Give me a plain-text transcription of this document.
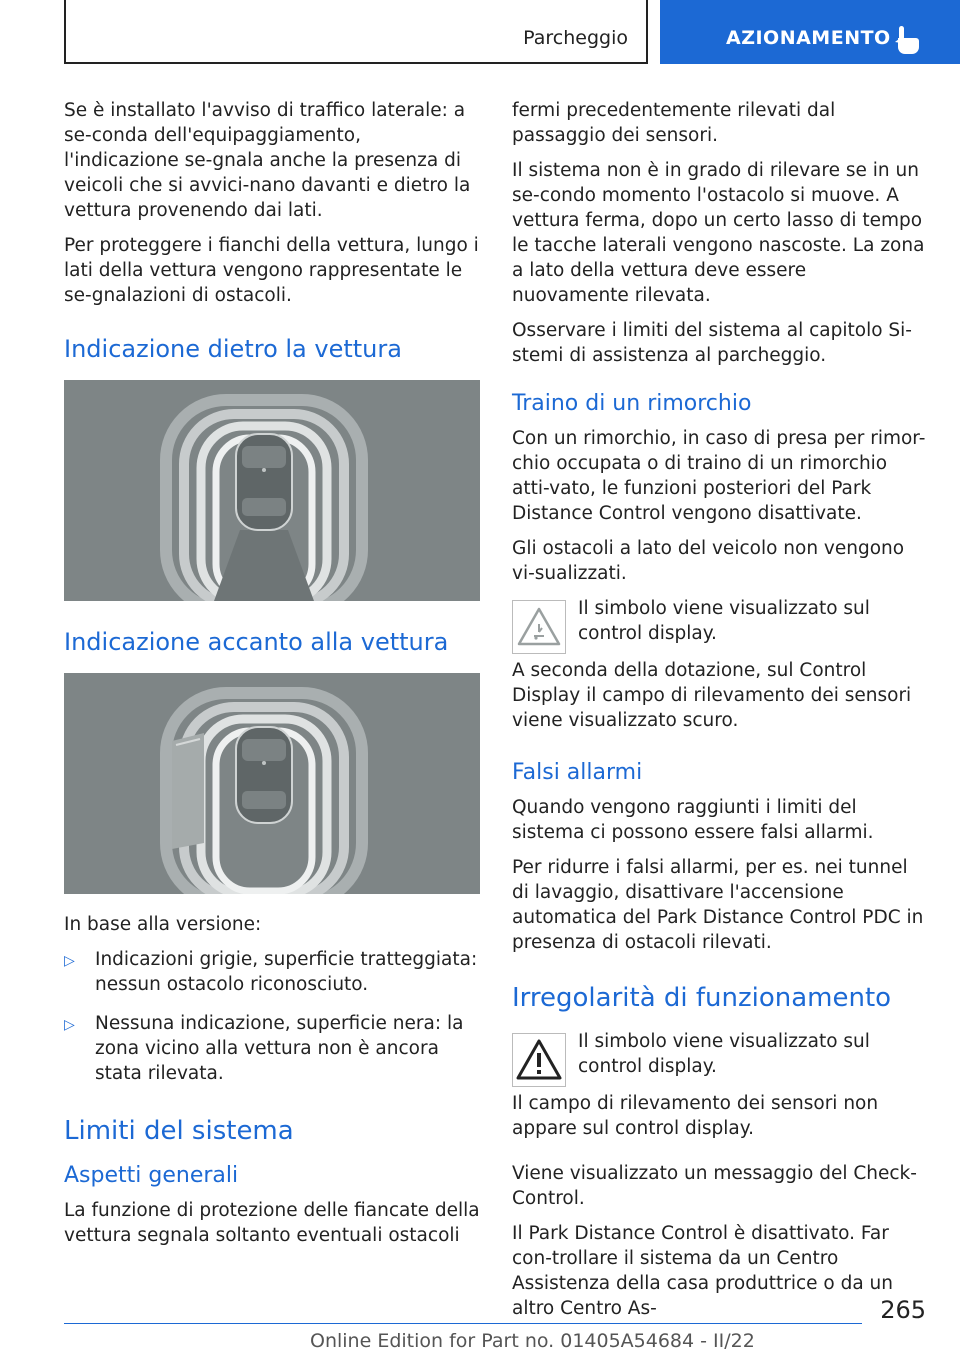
Parcheggio	AZIONAMENTO

Se è installato l'avviso di traffico laterale: a se-conda dell'equipaggiamento, l'indicazione se-gnala anche la presenza di veicoli che si avvici-nano davanti e dietro la vettura provenendo dai lati.

Per proteggere i fianchi della vettura, lungo i lati della vettura vengono rappresentate le se-gnalazioni di ostacoli.

Indicazione dietro la vettura
Indicazione accanto alla vettura

In base alla versione:

▷	Indicazioni grigie, superficie tratteggiata: nessun ostacolo riconosciuto.
▷	Nessuna indicazione, superficie nera: la zona vicino alla vettura non è ancora stata rilevata.
Limiti del sistema
Aspetti generali

La funzione di protezione delle fiancate della vettura segnala soltanto eventuali ostacoli

fermi precedentemente rilevati dal passaggio dei sensori.

Il sistema non è in grado di rilevare se in un se-condo momento l'ostacolo si muove. A vettura ferma, dopo un certo lasso di tempo le tacche laterali vengono nascoste. La zona a lato della vettura deve essere nuovamente rilevata.

Osservare i limiti del sistema al capitolo Si-stemi di assistenza al parcheggio.

Traino di un rimorchio

Con un rimorchio, in caso di presa per rimor-chio occupata o di traino di un rimorchio atti-vato, le funzioni posteriori del Park Distance Control vengono disattivate.

Gli ostacoli a lato del veicolo non vengono vi-sualizzati.

Il simbolo viene visualizzato sul control display.

A seconda della dotazione, sul Control Display il campo di rilevamento dei sensori viene visualizzato scuro.

Falsi allarmi

Quando vengono raggiunti i limiti del sistema ci possono essere falsi allarmi.

Per ridurre i falsi allarmi, per es. nei tunnel di lavaggio, disattivare l'accensione automatica del Park Distance Control PDC in presenza di ostacoli rilevati.

Irregolarità di funzionamento

Il simbolo viene visualizzato sul control display.

Il campo di rilevamento dei sensori non appare sul control display.

Viene visualizzato un messaggio del Check-Control.

Il Park Distance Control è disattivato. Far con-trollare il sistema da un Centro Assistenza della casa produttrice o da un altro Centro As-	265
Online Edition for Part no. 01405A54684 - II/22
